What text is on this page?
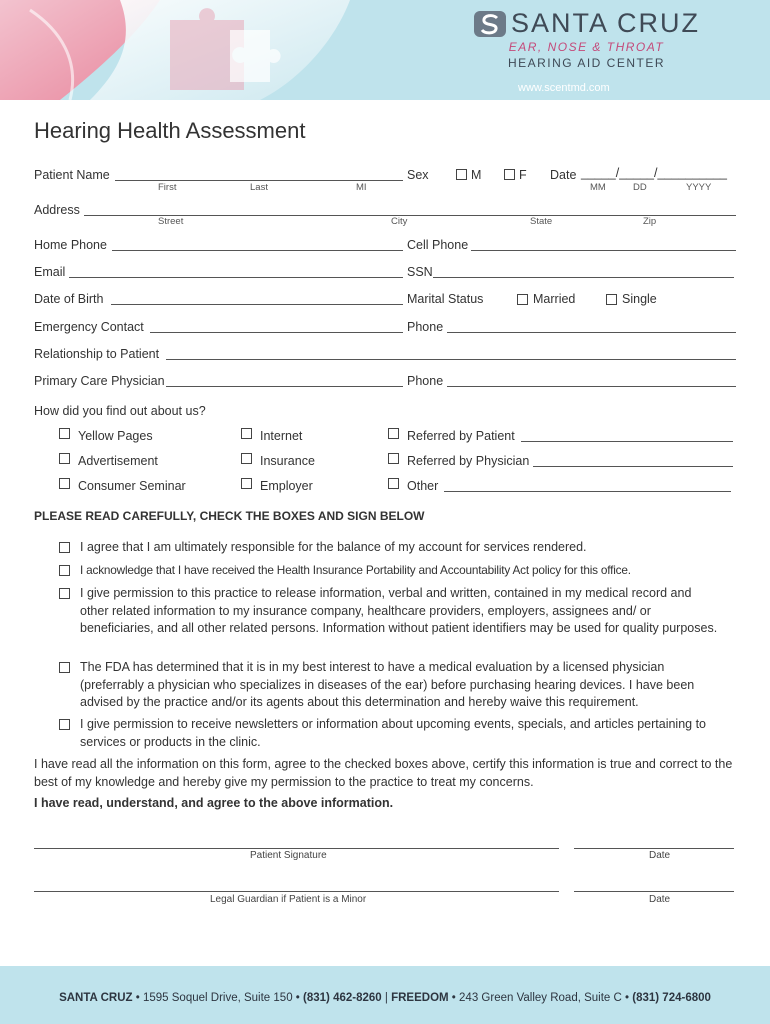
SANTA CRUZ
EAR, NOSE & THROAT
HEARING AID CENTER
www.scentmd.com
Hearing Health Assessment
Patient Name
First	Last	MI
Sex	M	F Date _____/_____/__________
MM	DD	YYYY
Address
Street	City	State	Zip
Home Phone	Cell Phone
Email	SSN
Date of Birth	Marital Status	Married	Single
Emergency Contact	Phone
Relationship to Patient
Primary Care Physician	Phone
How did you find out about us?
Yellow Pages	Internet	Referred by Patient
Advertisement	Insurance	Referred by Physician
Consumer Seminar	Employer	Other
PLEASE READ CAREFULLY, CHECK THE BOXES AND SIGN BELOW
I agree that I am ultimately responsible for the balance of my account for services rendered.
I acknowledge that I have received the Health Insurance Portability and Accountability Act policy for this office.
I give permission to this practice to release information, verbal and written, contained in my medical record and other related information to my insurance company, healthcare providers, employers, assignees and/ or beneficiaries, and all other related persons. Information without patient identifiers may be used for quality purposes.
The FDA has determined that it is in my best interest to have a medical evaluation by a licensed physician (preferrably a physician who specializes in diseases of the ear) before purchasing hearing devices. I have been advised by the practice and/or its agents about this determination and hereby waive this requirement.
I give permission to receive newsletters or information about upcoming events, specials, and articles pertaining to services or products in the clinic.
I have read all the information on this form, agree to the checked boxes above, certify this information is true and correct to the best of my knowledge and hereby give my permission to the practice to treat my concerns.
I have read, understand, and agree to the above information.
Patient Signature	Date
Legal Guardian if Patient is a Minor	Date
SANTA CRUZ • 1595 Soquel Drive, Suite 150 • (831) 462-8260 | FREEDOM • 243 Green Valley Road, Suite C • (831) 724-6800
